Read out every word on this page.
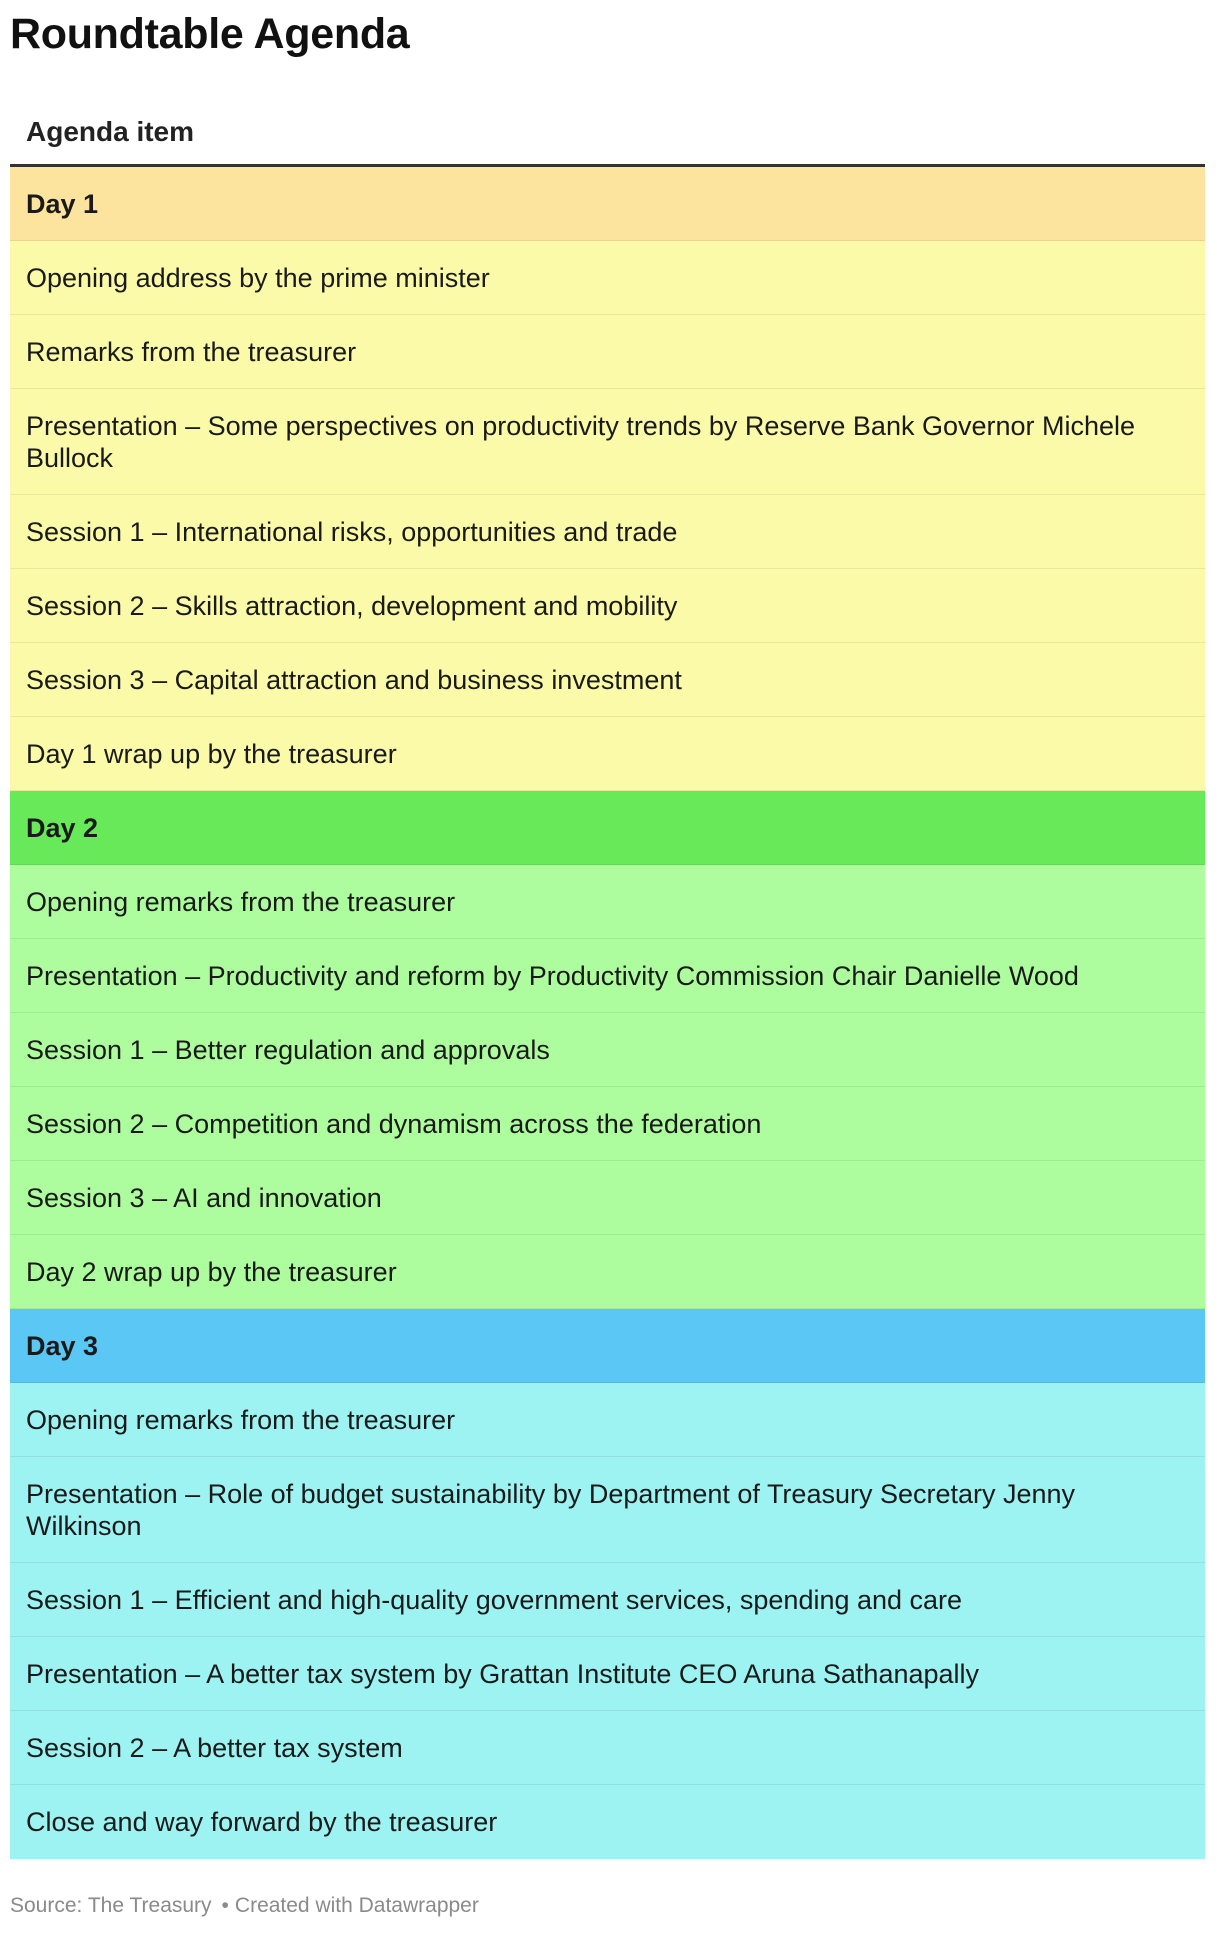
Roundtable Agenda
Agenda item
Day 1
Opening address by the prime minister
Remarks from the treasurer
Presentation – Some perspectives on productivity trends by Reserve Bank Governor Michele Bullock
Session 1 – International risks, opportunities and trade
Session 2 – Skills attraction, development and mobility
Session 3 – Capital attraction and business investment
Day 1 wrap up by the treasurer
Day 2
Opening remarks from the treasurer
Presentation – Productivity and reform by Productivity Commission Chair Danielle Wood
Session 1 – Better regulation and approvals
Session 2 – Competition and dynamism across the federation
Session 3 – AI and innovation
Day 2 wrap up by the treasurer
Day 3
Opening remarks from the treasurer
Presentation – Role of budget sustainability by Department of Treasury Secretary Jenny Wilkinson
Session 1 – Efficient and high-quality government services, spending and care
Presentation – A better tax system by Grattan Institute CEO Aruna Sathanapally
Session 2 – A better tax system
Close and way forward by the treasurer
Source: The Treasury • Created with Datawrapper
